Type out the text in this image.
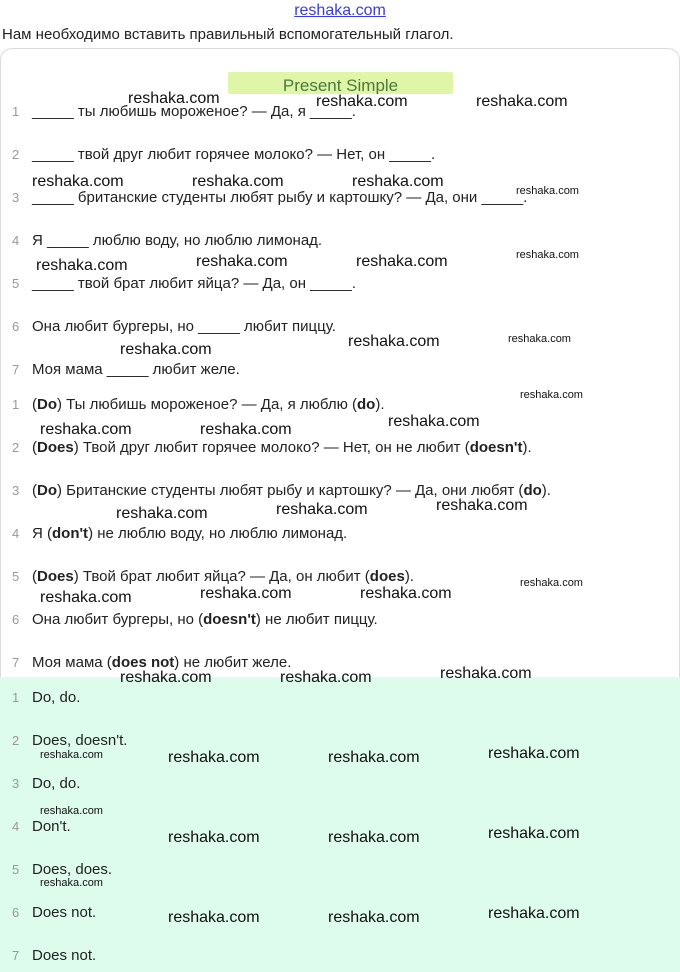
reshaka.com
Нам необходимо вставить правильный вспомогательный глагол.
Present Simple
1 _____ ты любишь мороженое? — Да, я _____.
2 _____ твой друг любит горячее молоко? — Нет, он _____.
3 _____ британские студенты любят рыбу и картошку? — Да, они _____.
4 Я _____ люблю воду, но люблю лимонад.
5 _____ твой брат любит яйца? — Да, он _____.
6 Она любит бургеры, но _____ любит пиццу.
7 Моя мама _____ любит желе.
1 (Do) Ты любишь мороженое? — Да, я люблю (do).
2 (Does) Твой друг любит горячее молоко? — Нет, он не любит (doesn't).
3 (Do) Британские студенты любят рыбу и картошку? — Да, они любят (do).
4 Я (don't) не люблю воду, но люблю лимонад.
5 (Does) Твой брат любит яйца? — Да, он любит (does).
6 Она любит бургеры, но (doesn't) не любит пиццу.
7 Моя мама (does not) не любит желе.
1 Do, do.
2 Does, doesn't.
3 Do, do.
4 Don't.
5 Does, does.
6 Does not.
7 Does not.
reshaka.com	reshaka.com	reshaka.com
reshaka.com	reshaka.com	reshaka.com
reshaka.com	reshaka.com	reshaka.com
reshaka.com	reshaka.com
reshaka.com
reshaka.com	reshaka.com
reshaka.com	reshaka.com	reshaka.com
reshaka.com	reshaka.com	reshaka.com
reshaka.com	reshaka.com	reshaka.com
reshaka.com	reshaka.com	reshaka.com
reshaka.com	reshaka.com	reshaka.com
reshaka.com	reshaka.com	reshaka.com
reshaka.com
reshaka.com
reshaka.com
reshaka.com
reshaka.com
reshaka.com
reshaka.com
reshaka.com
